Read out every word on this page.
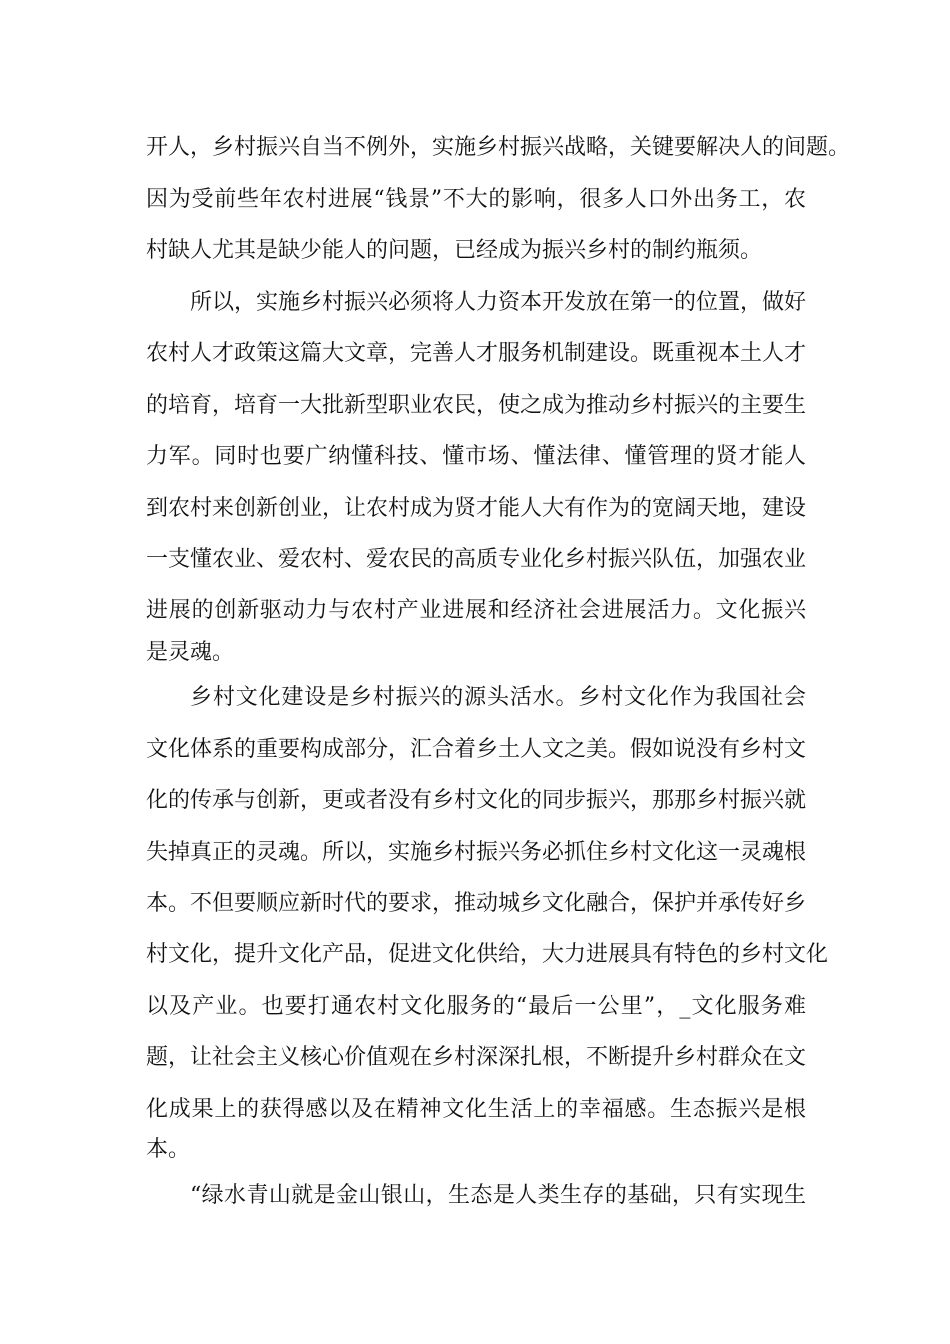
开人，乡村振兴自当不例外，实施乡村振兴战略，关键要解决人的间题。
因为受前些年农村进展“钱景”不大的影响，很多人口外出务工，农
村缺人尤其是缺少能人的问题，已经成为振兴乡村的制约瓶须。
所以，实施乡村振兴必须将人力资本开发放在第一的位置，做好
农村人才政策这篇大文章，完善人才服务机制建设。既重视本土人才
的培育，培育一大批新型职业农民，使之成为推动乡村振兴的主要生
力军。同时也要广纳懂科技、懂市场、懂法律、懂管理的贤才能人
到农村来创新创业，让农村成为贤才能人大有作为的宽阔天地，建设
一支懂农业、爱农村、爱农民的高质专业化乡村振兴队伍，加强农业
进展的创新驱动力与农村产业进展和经济社会进展活力。文化振兴
是灵魂。
乡村文化建设是乡村振兴的源头活水。乡村文化作为我国社会
文化体系的重要构成部分，汇合着乡土人文之美。假如说没有乡村文
化的传承与创新，更或者没有乡村文化的同步振兴，那那乡村振兴就
失掉真正的灵魂。所以，实施乡村振兴务必抓住乡村文化这一灵魂根
本。不但要顺应新时代的要求，推动城乡文化融合，保护并承传好乡
村文化，提升文化产品，促进文化供给，大力进展具有特色的乡村文化
以及产业。也要打通农村文化服务的“最后一公里”，_文化服务难
题，让社会主义核心价值观在乡村深深扎根，不断提升乡村群众在文
化成果上的获得感以及在精神文化生活上的幸福感。生态振兴是根
本。
“绿水青山就是金山银山，生态是人类生存的基础，只有实现生
